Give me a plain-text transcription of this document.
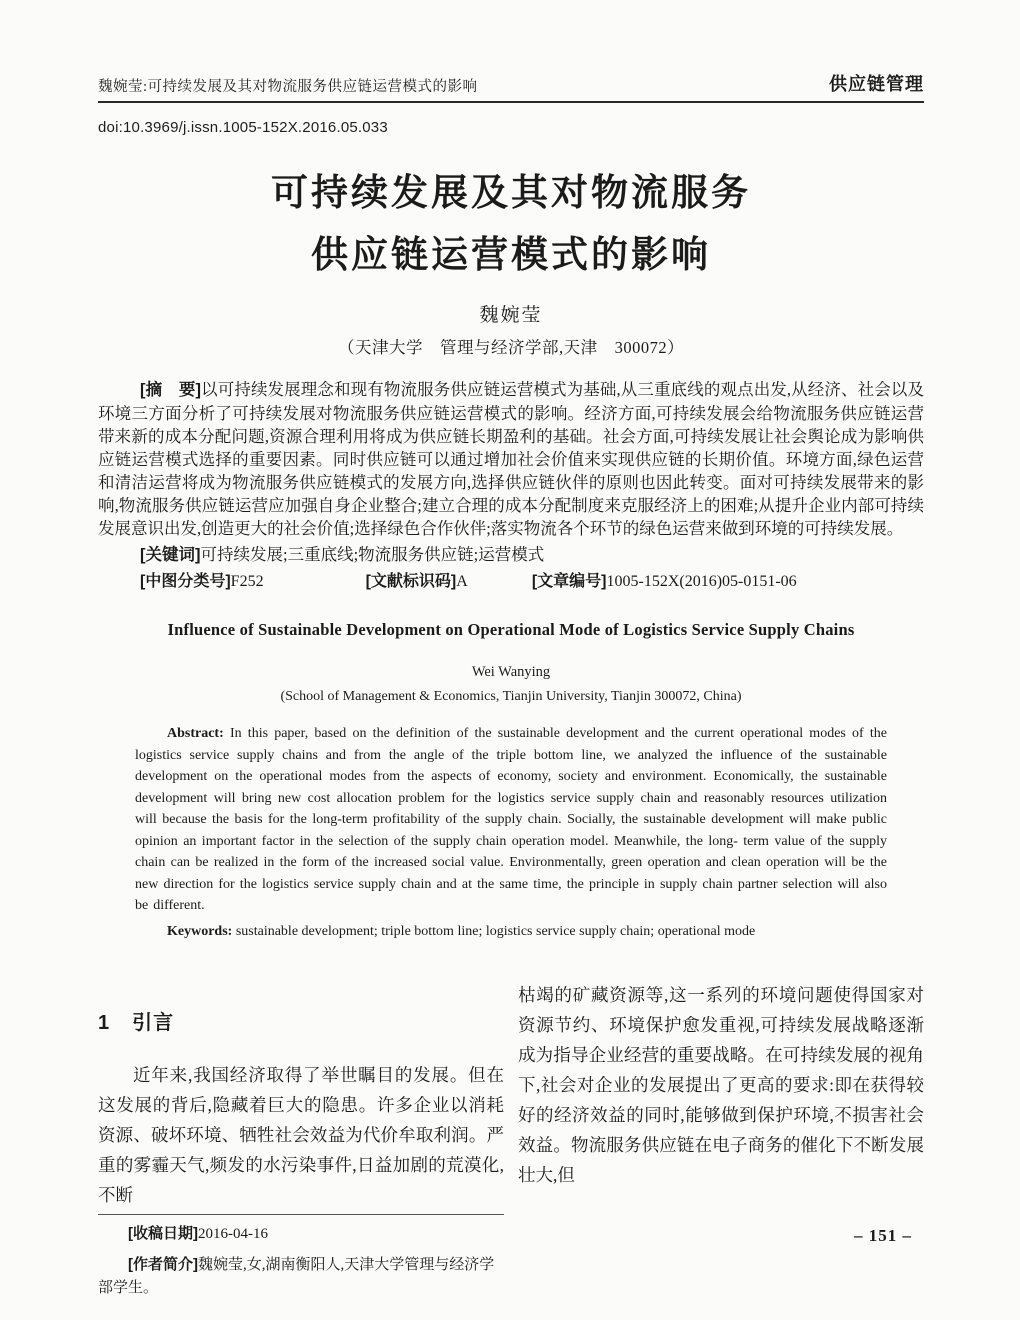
魏婉莹:可持续发展及其对物流服务供应链运营模式的影响	供应链管理
doi:10.3969/j.issn.1005-152X.2016.05.033
可持续发展及其对物流服务
供应链运营模式的影响
魏婉莹
（天津大学　管理与经济学部,天津　300072）

[摘　要]以可持续发展理念和现有物流服务供应链运营模式为基础,从三重底线的观点出发,从经济、社会以及环境三方面分析了可持续发展对物流服务供应链运营模式的影响。经济方面,可持续发展会给物流服务供应链运营带来新的成本分配问题,资源合理利用将成为供应链长期盈利的基础。社会方面,可持续发展让社会舆论成为影响供应链运营模式选择的重要因素。同时供应链可以通过增加社会价值来实现供应链的长期价值。环境方面,绿色运营和清洁运营将成为物流服务供应链模式的发展方向,选择供应链伙伴的原则也因此转变。面对可持续发展带来的影响,物流服务供应链运营应加强自身企业整合;建立合理的成本分配制度来克服经济上的困难;从提升企业内部可持续发展意识出发,创造更大的社会价值;选择绿色合作伙伴;落实物流各个环节的绿色运营来做到环境的可持续发展。

[关键词]可持续发展;三重底线;物流服务供应链;运营模式

[中图分类号]F252	[文献标识码]A	[文章编号]1005-152X(2016)05-0151-06

Influence of Sustainable Development on Operational Mode of Logistics Service Supply Chains
Wei Wanying
(School of Management & Economics, Tianjin University, Tianjin 300072, China)

Abstract: In this paper, based on the definition of the sustainable development and the current operational modes of the logistics service supply chains and from the angle of the triple bottom line, we analyzed the influence of the sustainable development on the operational modes from the aspects of economy, society and environment. Economically, the sustainable development will bring new cost allocation problem for the logistics service supply chain and reasonably resources utilization will because the basis for the long-term profitability of the supply chain. Socially, the sustainable development will make public opinion an important factor in the selection of the supply chain operation model. Meanwhile, the long- term value of the supply chain can be realized in the form of the increased social value. Environmentally, green operation and clean operation will be the new direction for the logistics service supply chain and at the same time, the principle in supply chain partner selection will also be different.

Keywords: sustainable development; triple bottom line; logistics service supply chain; operational mode

1 引言

近年来,我国经济取得了举世瞩目的发展。但在这发展的背后,隐藏着巨大的隐患。许多企业以消耗资源、破坏环境、牺牲社会效益为代价牟取利润。严重的雾霾天气,频发的水污染事件,日益加剧的荒漠化,不断

[收稿日期]2016-04-16

[作者简介]魏婉莹,女,湖南衡阳人,天津大学管理与经济学部学生。

枯竭的矿藏资源等,这一系列的环境问题使得国家对资源节约、环境保护愈发重视,可持续发展战略逐渐成为指导企业经营的重要战略。在可持续发展的视角下,社会对企业的发展提出了更高的要求:即在获得较好的经济效益的同时,能够做到保护环境,不损害社会效益。物流服务供应链在电子商务的催化下不断发展壮大,但

– 151 –
